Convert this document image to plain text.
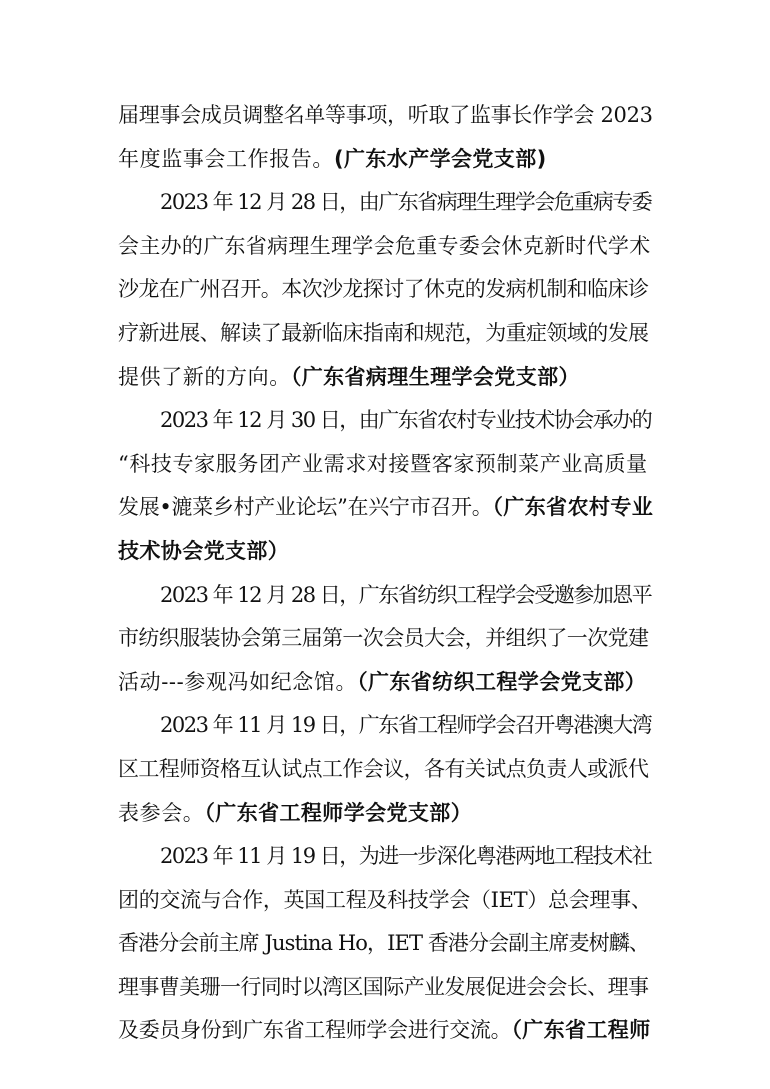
届理事会成员调整名单等事项，听取了监事长作学会 2023
年度监事会工作报告。(广东水产学会党支部)
2023 年 12 月 28 日，由广东省病理生理学会危重病专委
会主办的广东省病理生理学会危重专委会休克新时代学术
沙龙在广州召开。本次沙龙探讨了休克的发病机制和临床诊
疗新进展、解读了最新临床指南和规范，为重症领域的发展
提供了新的方向。（广东省病理生理学会党支部）
2023 年 12 月 30 日，由广东省农村专业技术协会承办的
“科技专家服务团产业需求对接暨客家预制菜产业高质量
发展•漉菜乡村产业论坛”在兴宁市召开。（广东省农村专业
技术协会党支部）
2023 年 12 月 28 日，广东省纺织工程学会受邀参加恩平
市纺织服装协会第三届第一次会员大会，并组织了一次党建
活动---参观冯如纪念馆。（广东省纺织工程学会党支部）
2023 年 11 月 19 日，广东省工程师学会召开粤港澳大湾
区工程师资格互认试点工作会议，各有关试点负责人或派代
表参会。（广东省工程师学会党支部）
2023 年 11 月 19 日，为进一步深化粤港两地工程技术社
团的交流与合作，英国工程及科技学会（IET）总会理事、
香港分会前主席 Justina Ho，IET 香港分会副主席麦树麟、
理事曹美珊一行同时以湾区国际产业发展促进会会长、理事
及委员身份到广东省工程师学会进行交流。（广东省工程师
